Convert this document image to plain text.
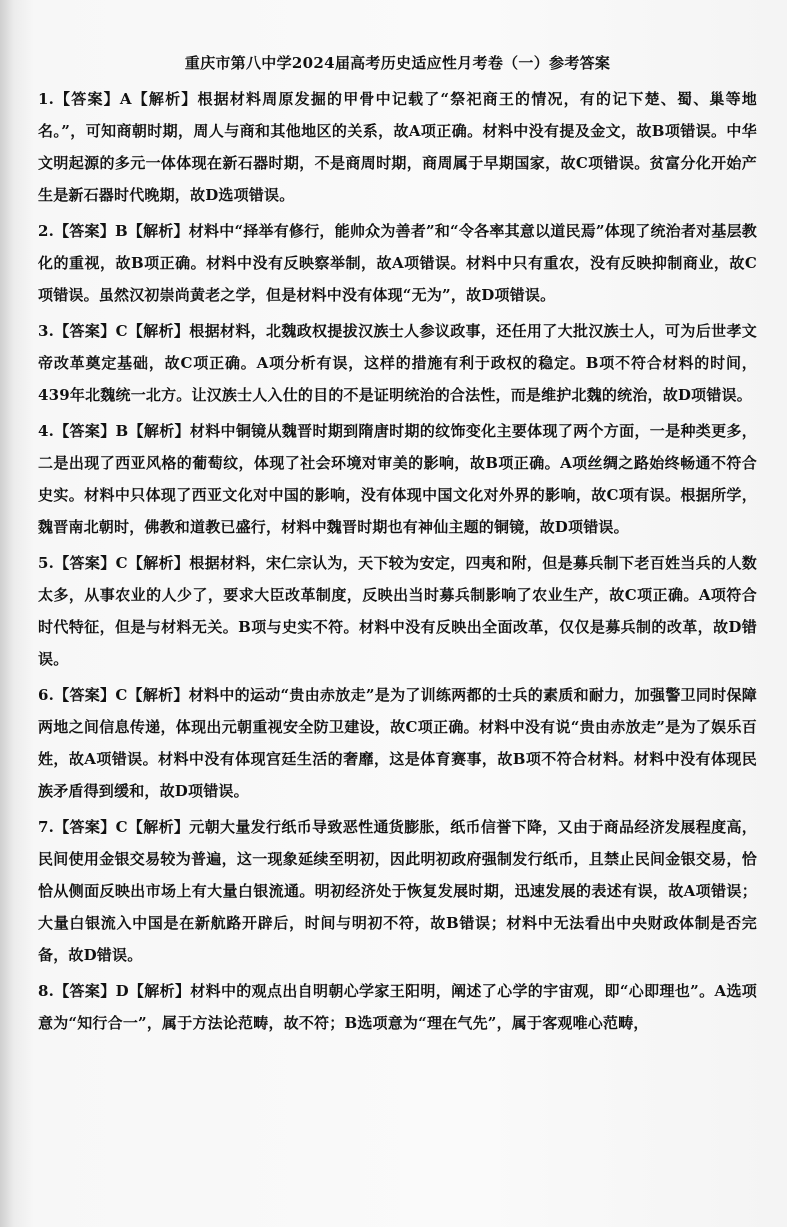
重庆市第八中学2024届高考历史适应性月考卷（一）参考答案

1.【答案】A【解析】根据材料周原发掘的甲骨中记载了“祭祀商王的情况，有的记下楚、蜀、巢等地名。”，可知商朝时期，周人与商和其他地区的关系，故A项正确。材料中没有提及金文，故B项错误。中华文明起源的多元一体体现在新石器时期，不是商周时期，商周属于早期国家，故C项错误。贫富分化开始产生是新石器时代晚期，故D选项错误。

2.【答案】B【解析】材料中“择举有修行，能帅众为善者”和“令各率其意以道民焉”体现了统治者对基层教化的重视，故B项正确。材料中没有反映察举制，故A项错误。材料中只有重农，没有反映抑制商业，故C项错误。虽然汉初崇尚黄老之学，但是材料中没有体现“无为”，故D项错误。

3.【答案】C【解析】根据材料，北魏政权提拔汉族士人参议政事，还任用了大批汉族士人，可为后世孝文帝改革奠定基础，故C项正确。A项分析有误，这样的措施有利于政权的稳定。B项不符合材料的时间，439年北魏统一北方。让汉族士人入仕的目的不是证明统治的合法性，而是维护北魏的统治，故D项错误。

4.【答案】B【解析】材料中铜镜从魏晋时期到隋唐时期的纹饰变化主要体现了两个方面，一是种类更多，二是出现了西亚风格的葡萄纹，体现了社会环境对审美的影响，故B项正确。A项丝绸之路始终畅通不符合史实。材料中只体现了西亚文化对中国的影响，没有体现中国文化对外界的影响，故C项有误。根据所学，魏晋南北朝时，佛教和道教已盛行，材料中魏晋时期也有神仙主题的铜镜，故D项错误。

5.【答案】C【解析】根据材料，宋仁宗认为，天下较为安定，四夷和附，但是募兵制下老百姓当兵的人数太多，从事农业的人少了，要求大臣改革制度，反映出当时募兵制影响了农业生产，故C项正确。A项符合时代特征，但是与材料无关。B项与史实不符。材料中没有反映出全面改革，仅仅是募兵制的改革，故D错误。

6.【答案】C【解析】材料中的运动“贵由赤放走”是为了训练两都的士兵的素质和耐力，加强警卫同时保障两地之间信息传递，体现出元朝重视安全防卫建设，故C项正确。材料中没有说“贵由赤放走”是为了娱乐百姓，故A项错误。材料中没有体现宫廷生活的奢靡，这是体育赛事，故B项不符合材料。材料中没有体现民族矛盾得到缓和，故D项错误。

7.【答案】C【解析】元朝大量发行纸币导致恶性通货膨胀，纸币信誉下降，又由于商品经济发展程度高，民间使用金银交易较为普遍，这一现象延续至明初，因此明初政府强制发行纸币，且禁止民间金银交易，恰恰从侧面反映出市场上有大量白银流通。明初经济处于恢复发展时期，迅速发展的表述有误，故A项错误；大量白银流入中国是在新航路开辟后，时间与明初不符，故B错误；材料中无法看出中央财政体制是否完备，故D错误。

8.【答案】D【解析】材料中的观点出自明朝心学家王阳明，阐述了心学的宇宙观，即“心即理也”。A选项意为“知行合一”，属于方法论范畴，故不符；B选项意为“理在气先”，属于客观唯心范畴，
